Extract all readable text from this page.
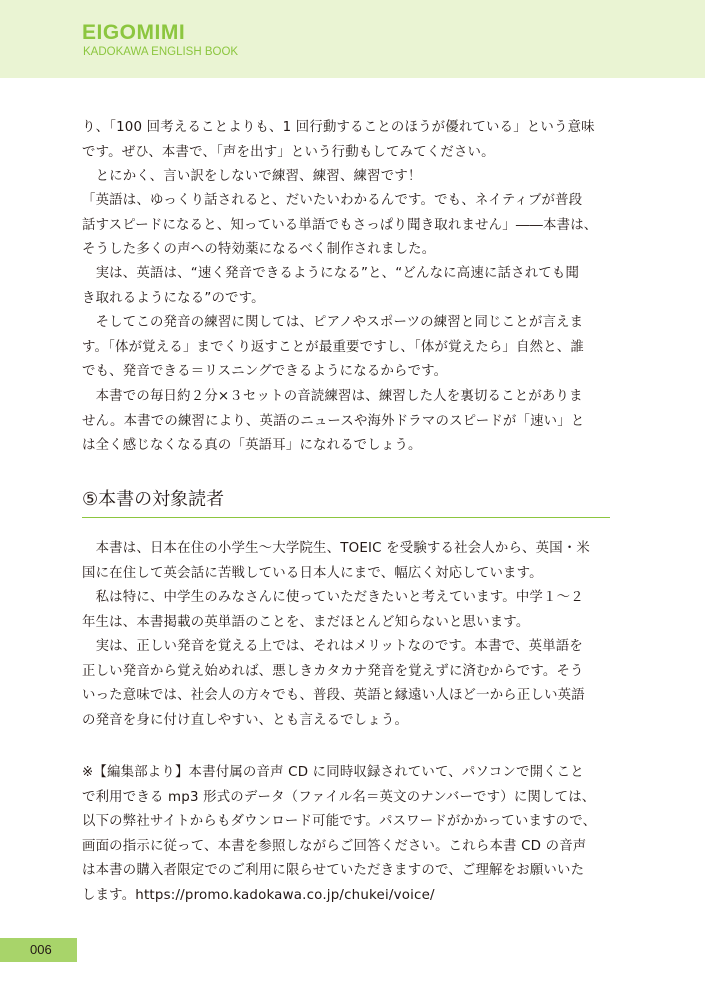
EIGOMIMI
KADOKAWA ENGLISH BOOK

り、「100 回考えることよりも、1 回行動することのほうが優れている」という意味
です。ぜひ、本書で、「声を出す」という行動もしてみてください。

　とにかく、言い訳をしないで練習、練習、練習です！

「英語は、ゆっくり話されると、だいたいわかるんです。でも、ネイティブが普段
話すスピードになると、知っている単語でもさっぱり聞き取れません」――本書は、
そうした多くの声への特効薬になるべく制作されました。

　実は、英語は、“速く発音できるようになる”と、“どんなに高速に話されても聞
き取れるようになる”のです。

　そしてこの発音の練習に関しては、ピアノやスポーツの練習と同じことが言えま
す。「体が覚える」までくり返すことが最重要ですし、「体が覚えたら」自然と、誰
でも、発音できる＝リスニングできるようになるからです。

　本書での毎日約２分×３セットの音読練習は、練習した人を裏切ることがありま
せん。本書での練習により、英語のニュースや海外ドラマのスピードが「速い」と
は全く感じなくなる真の「英語耳」になれるでしょう。

⑤本書の対象読者

　本書は、日本在住の小学生～大学院生、TOEIC を受験する社会人から、英国・米
国に在住して英会話に苦戦している日本人にまで、幅広く対応しています。

　私は特に、中学生のみなさんに使っていただきたいと考えています。中学１～２
年生は、本書掲載の英単語のことを、まだほとんど知らないと思います。

　実は、正しい発音を覚える上では、それはメリットなのです。本書で、英単語を
正しい発音から覚え始めれば、悪しきカタカナ発音を覚えずに済むからです。そう
いった意味では、社会人の方々でも、普段、英語と縁遠い人ほど一から正しい英語
の発音を身に付け直しやすい、とも言えるでしょう。

※【編集部より】本書付属の音声 CD に同時収録されていて、パソコンで開くこと
で利用できる mp3 形式のデータ（ファイル名＝英文のナンバーです）に関しては、
以下の弊社サイトからもダウンロード可能です。パスワードがかかっていますので、
画面の指示に従って、本書を参照しながらご回答ください。これら本書 CD の音声
は本書の購入者限定でのご利用に限らせていただきますので、ご理解をお願いいた
します。https://promo.kadokawa.co.jp/chukei/voice/

006
